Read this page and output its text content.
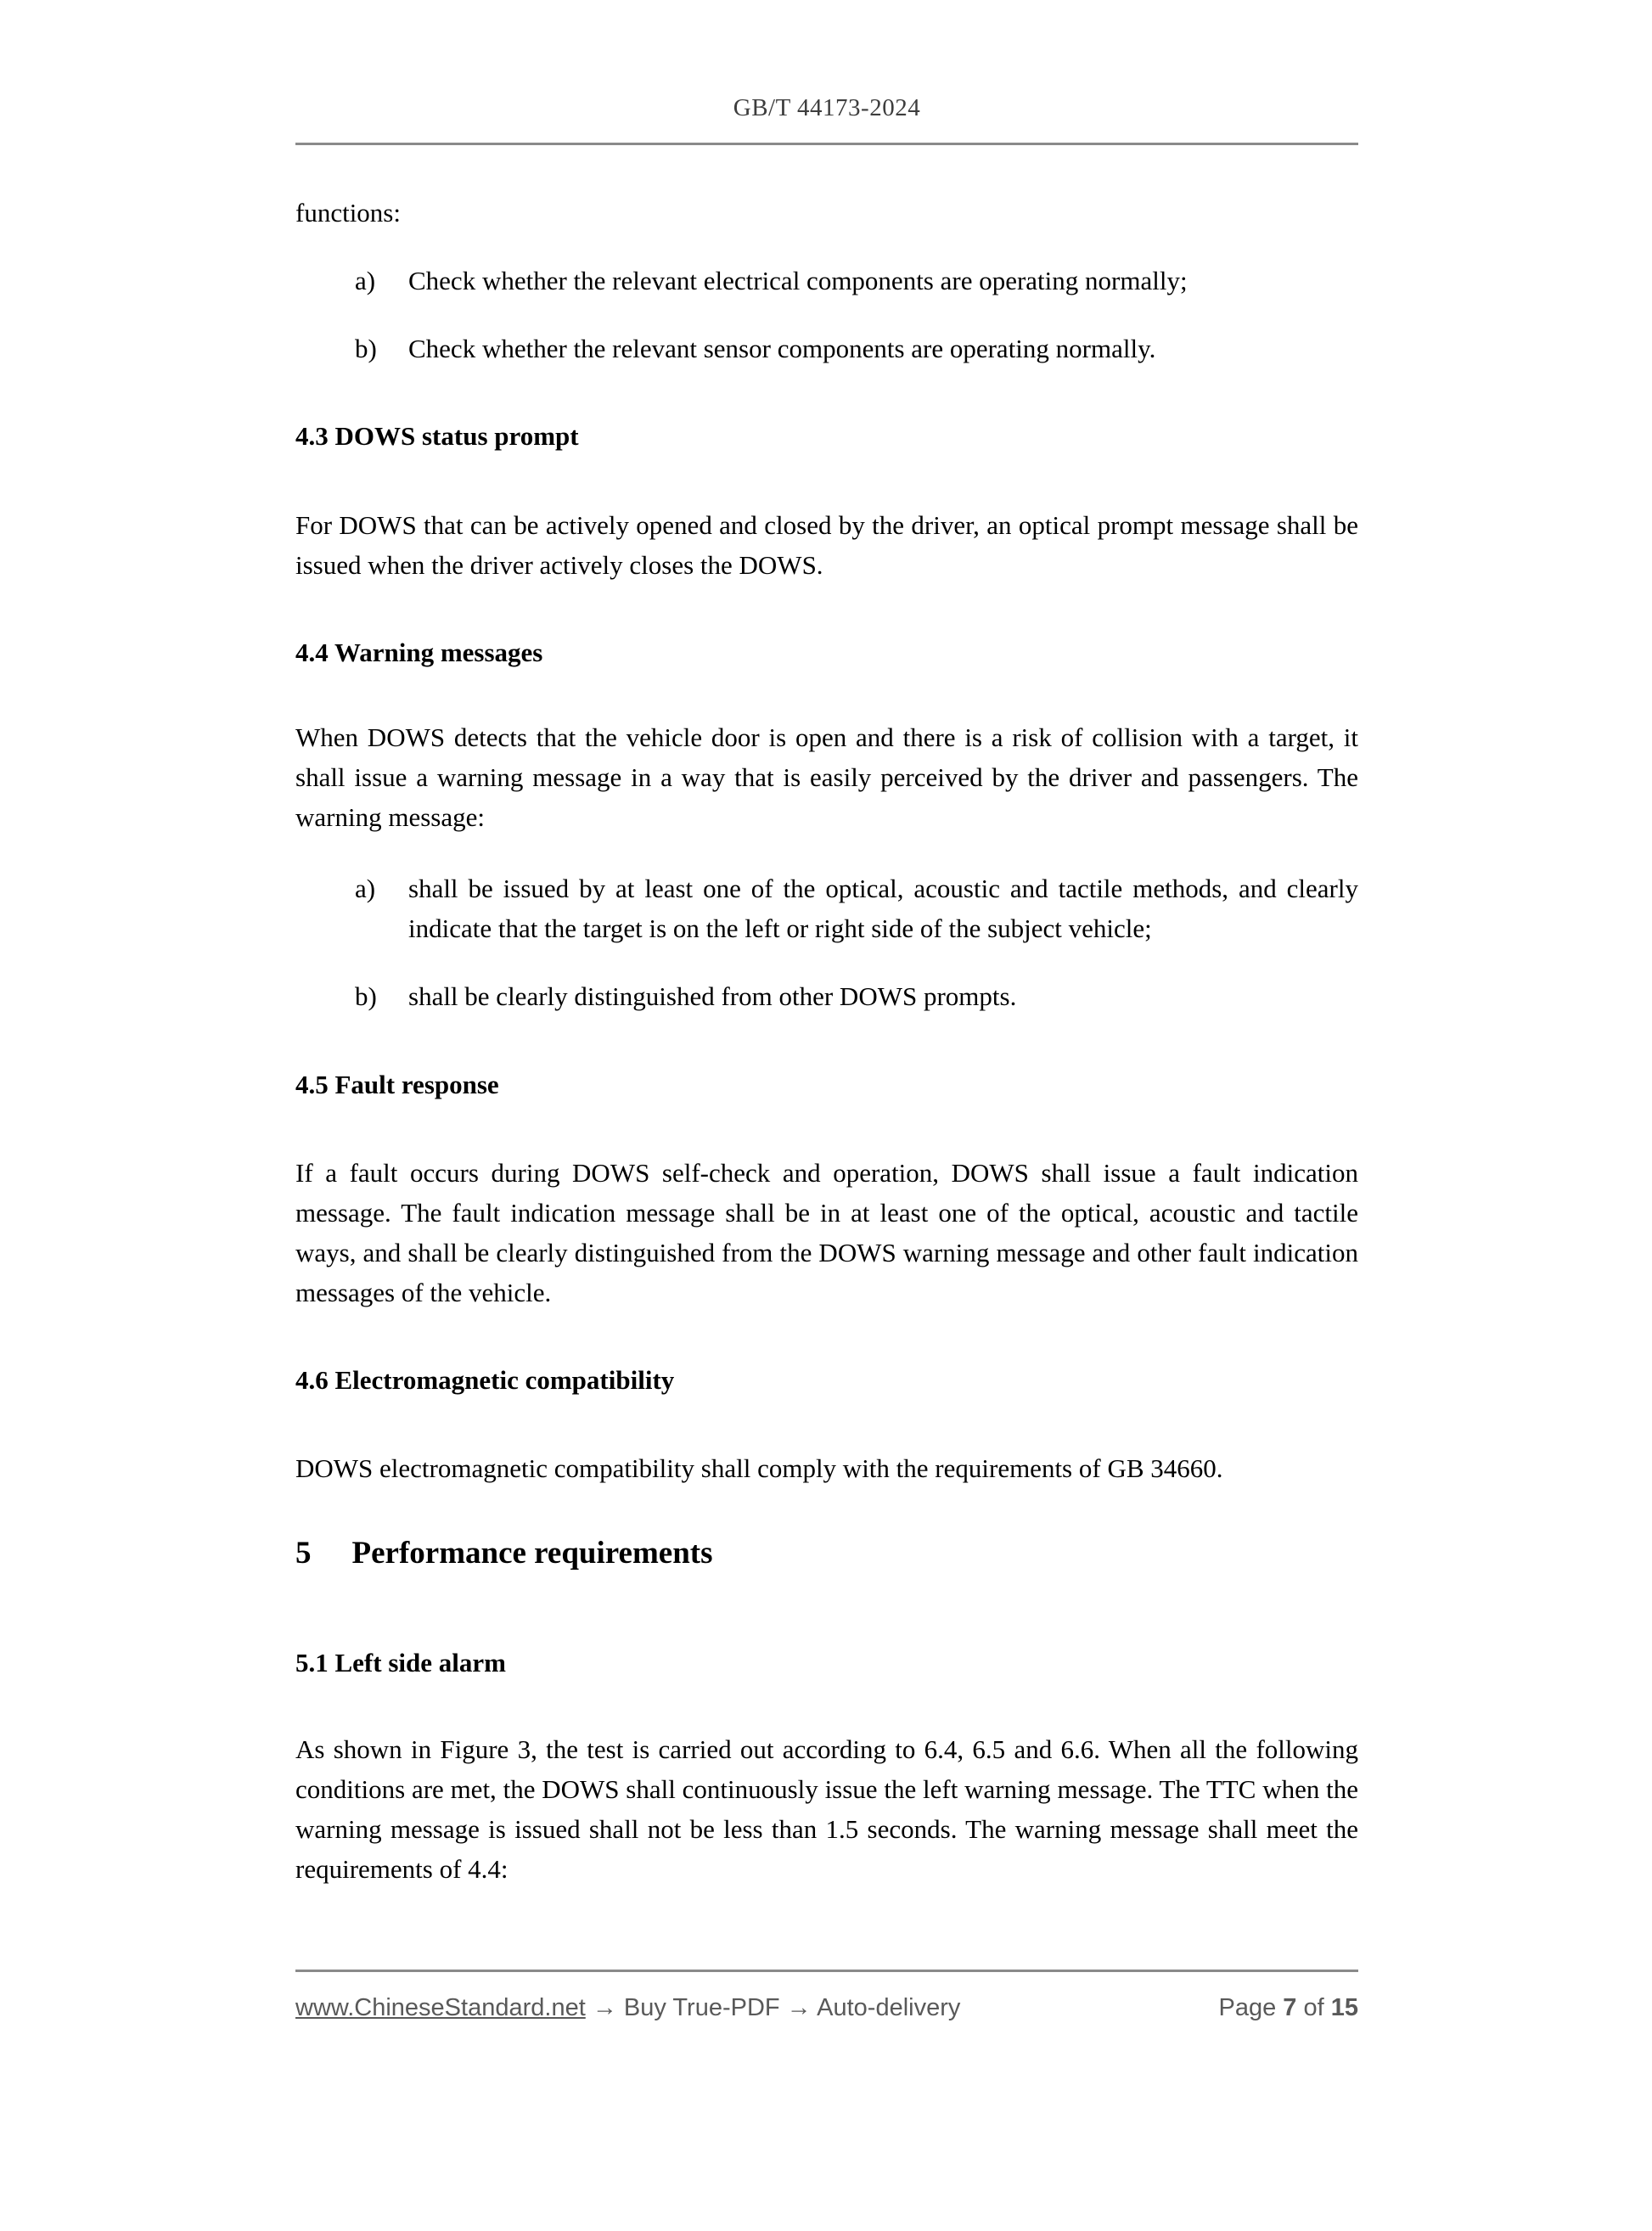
GB/T 44173-2024
functions:
a) Check whether the relevant electrical components are operating normally;
b) Check whether the relevant sensor components are operating normally.
4.3 DOWS status prompt
For DOWS that can be actively opened and closed by the driver, an optical prompt message shall be issued when the driver actively closes the DOWS.
4.4 Warning messages
When DOWS detects that the vehicle door is open and there is a risk of collision with a target, it shall issue a warning message in a way that is easily perceived by the driver and passengers. The warning message:
a) shall be issued by at least one of the optical, acoustic and tactile methods, and clearly indicate that the target is on the left or right side of the subject vehicle;
b) shall be clearly distinguished from other DOWS prompts.
4.5 Fault response
If a fault occurs during DOWS self-check and operation, DOWS shall issue a fault indication message. The fault indication message shall be in at least one of the optical, acoustic and tactile ways, and shall be clearly distinguished from the DOWS warning message and other fault indication messages of the vehicle.
4.6 Electromagnetic compatibility
DOWS electromagnetic compatibility shall comply with the requirements of GB 34660.
5 Performance requirements
5.1 Left side alarm
As shown in Figure 3, the test is carried out according to 6.4, 6.5 and 6.6. When all the following conditions are met, the DOWS shall continuously issue the left warning message. The TTC when the warning message is issued shall not be less than 1.5 seconds. The warning message shall meet the requirements of 4.4:
www.ChineseStandard.net → Buy True-PDF → Auto-delivery	Page 7 of 15
